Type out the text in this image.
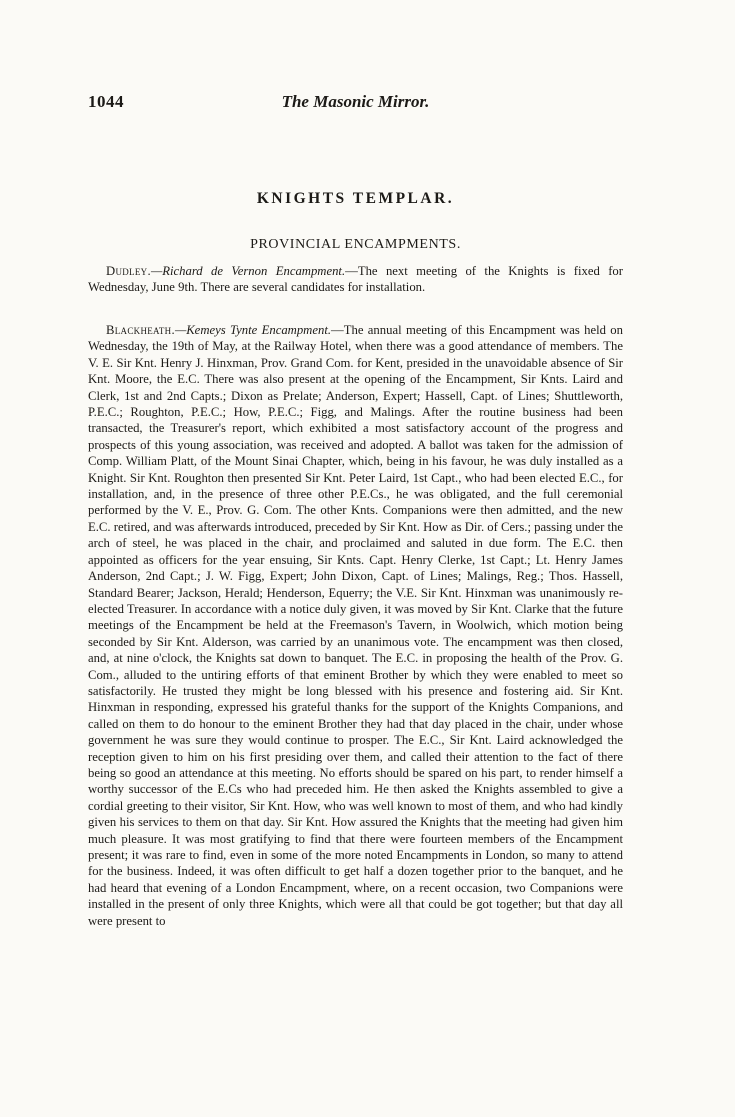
1044	The Masonic Mirror.
KNIGHTS TEMPLAR.
PROVINCIAL ENCAMPMENTS.

Dudley.—Richard de Vernon Encampment.—The next meeting of the Knights is fixed for Wednesday, June 9th. There are several candidates for installation.

Blackheath.—Kemeys Tynte Encampment.—The annual meeting of this Encampment was held on Wednesday, the 19th of May, at the Railway Hotel, when there was a good attendance of members. The V. E. Sir Knt. Henry J. Hinxman, Prov. Grand Com. for Kent, presided in the unavoidable absence of Sir Knt. Moore, the E.C. There was also present at the opening of the Encampment, Sir Knts. Laird and Clerk, 1st and 2nd Capts.; Dixon as Prelate; Anderson, Expert; Hassell, Capt. of Lines; Shuttleworth, P.E.C.; Roughton, P.E.C.; How, P.E.C.; Figg, and Malings. After the routine business had been transacted, the Treasurer's report, which exhibited a most satisfactory account of the progress and prospects of this young association, was received and adopted. A ballot was taken for the admission of Comp. William Platt, of the Mount Sinai Chapter, which, being in his favour, he was duly installed as a Knight. Sir Knt. Roughton then presented Sir Knt. Peter Laird, 1st Capt., who had been elected E.C., for installation, and, in the presence of three other P.E.Cs., he was obligated, and the full ceremonial performed by the V. E., Prov. G. Com. The other Knts. Companions were then admitted, and the new E.C. retired, and was afterwards introduced, preceded by Sir Knt. How as Dir. of Cers.; passing under the arch of steel, he was placed in the chair, and proclaimed and saluted in due form. The E.C. then appointed as officers for the year ensuing, Sir Knts. Capt. Henry Clerke, 1st Capt.; Lt. Henry James Anderson, 2nd Capt.; J. W. Figg, Expert; John Dixon, Capt. of Lines; Malings, Reg.; Thos. Hassell, Standard Bearer; Jackson, Herald; Henderson, Equerry; the V.E. Sir Knt. Hinxman was unanimously re-elected Treasurer. In accordance with a notice duly given, it was moved by Sir Knt. Clarke that the future meetings of the Encampment be held at the Freemason's Tavern, in Woolwich, which motion being seconded by Sir Knt. Alderson, was carried by an unanimous vote. The encampment was then closed, and, at nine o'clock, the Knights sat down to banquet. The E.C. in proposing the health of the Prov. G. Com., alluded to the untiring efforts of that eminent Brother by which they were enabled to meet so satisfactorily. He trusted they might be long blessed with his presence and fostering aid. Sir Knt. Hinxman in responding, expressed his grateful thanks for the support of the Knights Companions, and called on them to do honour to the eminent Brother they had that day placed in the chair, under whose government he was sure they would continue to prosper. The E.C., Sir Knt. Laird acknowledged the reception given to him on his first presiding over them, and called their attention to the fact of there being so good an attendance at this meeting. No efforts should be spared on his part, to render himself a worthy successor of the E.Cs who had preceded him. He then asked the Knights assembled to give a cordial greeting to their visitor, Sir Knt. How, who was well known to most of them, and who had kindly given his services to them on that day. Sir Knt. How assured the Knights that the meeting had given him much pleasure. It was most gratifying to find that there were fourteen members of the Encampment present; it was rare to find, even in some of the more noted Encampments in London, so many to attend for the business. Indeed, it was often difficult to get half a dozen together prior to the banquet, and he had heard that evening of a London Encampment, where, on a recent occasion, two Companions were installed in the present of only three Knights, which were all that could be got together; but that day all were present to
